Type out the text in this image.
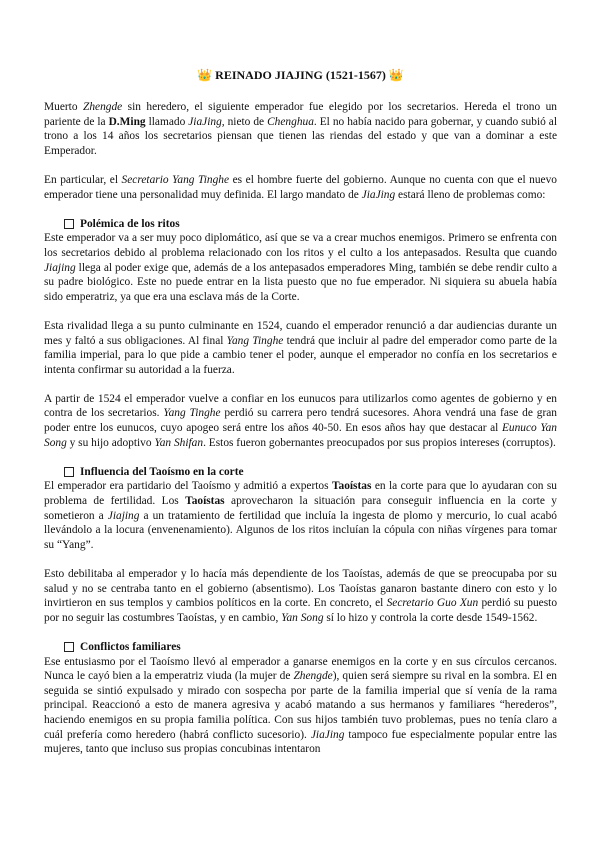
👑 REINADO JIAJING (1521-1567) 👑

Muerto Zhengde sin heredero, el siguiente emperador fue elegido por los secretarios. Hereda el trono un pariente de la D.Ming llamado JiaJing, nieto de Chenghua. El no había nacido para gobernar, y cuando subió al trono a los 14 años los secretarios piensan que tienen las riendas del estado y que van a dominar a este Emperador.

En particular, el Secretario Yang Tinghe es el hombre fuerte del gobierno. Aunque no cuenta con que el nuevo emperador tiene una personalidad muy definida. El largo mandato de JiaJing estará lleno de problemas como:

Polémica de los ritos

Este emperador va a ser muy poco diplomático, así que se va a crear muchos enemigos. Primero se enfrenta con los secretarios debido al problema relacionado con los ritos y el culto a los antepasados. Resulta que cuando Jiajing llega al poder exige que, además de a los antepasados emperadores Ming, también se debe rendir culto a su padre biológico. Este no puede entrar en la lista puesto que no fue emperador. Ni siquiera su abuela había sido emperatriz, ya que era una esclava más de la Corte.

Esta rivalidad llega a su punto culminante en 1524, cuando el emperador renunció a dar audiencias durante un mes y faltó a sus obligaciones. Al final Yang Tinghe tendrá que incluir al padre del emperador como parte de la familia imperial, para lo que pide a cambio tener el poder, aunque el emperador no confía en los secretarios e intenta confirmar su autoridad a la fuerza.

A partir de 1524 el emperador vuelve a confiar en los eunucos para utilizarlos como agentes de gobierno y en contra de los secretarios. Yang Tinghe perdió su carrera pero tendrá sucesores. Ahora vendrá una fase de gran poder entre los eunucos, cuyo apogeo será entre los años 40-50. En esos años hay que destacar al Eunuco Yan Song y su hijo adoptivo Yan Shifan. Estos fueron gobernantes preocupados por sus propios intereses (corruptos).

Influencia del Taoísmo en la corte

El emperador era partidario del Taoísmo y admitió a expertos Taoístas en la corte para que lo ayudaran con su problema de fertilidad. Los Taoístas aprovecharon la situación para conseguir influencia en la corte y sometieron a Jiajing a un tratamiento de fertilidad que incluía la ingesta de plomo y mercurio, lo cual acabó llevándolo a la locura (envenenamiento). Algunos de los ritos incluían la cópula con niñas vírgenes para tomar su “Yang”.

Esto debilitaba al emperador y lo hacía más dependiente de los Taoístas, además de que se preocupaba por su salud y no se centraba tanto en el gobierno (absentismo). Los Taoístas ganaron bastante dinero con esto y lo invirtieron en sus templos y cambios políticos en la corte. En concreto, el Secretario Guo Xun perdió su puesto por no seguir las costumbres Taoístas, y en cambio, Yan Song sí lo hizo y controla la corte desde 1549-1562.

Conflictos familiares

Ese entusiasmo por el Taoísmo llevó al emperador a ganarse enemigos en la corte y en sus círculos cercanos. Nunca le cayó bien a la emperatriz viuda (la mujer de Zhengde), quien será siempre su rival en la sombra. El en seguida se sintió expulsado y mirado con sospecha por parte de la familia imperial que sí venía de la rama principal. Reaccionó a esto de manera agresiva y acabó matando a sus hermanos y familiares “herederos”, haciendo enemigos en su propia familia política. Con sus hijos también tuvo problemas, pues no tenía claro a cuál prefería como heredero (habrá conflicto sucesorio). JiaJing tampoco fue especialmente popular entre las mujeres, tanto que incluso sus propias concubinas intentaron
